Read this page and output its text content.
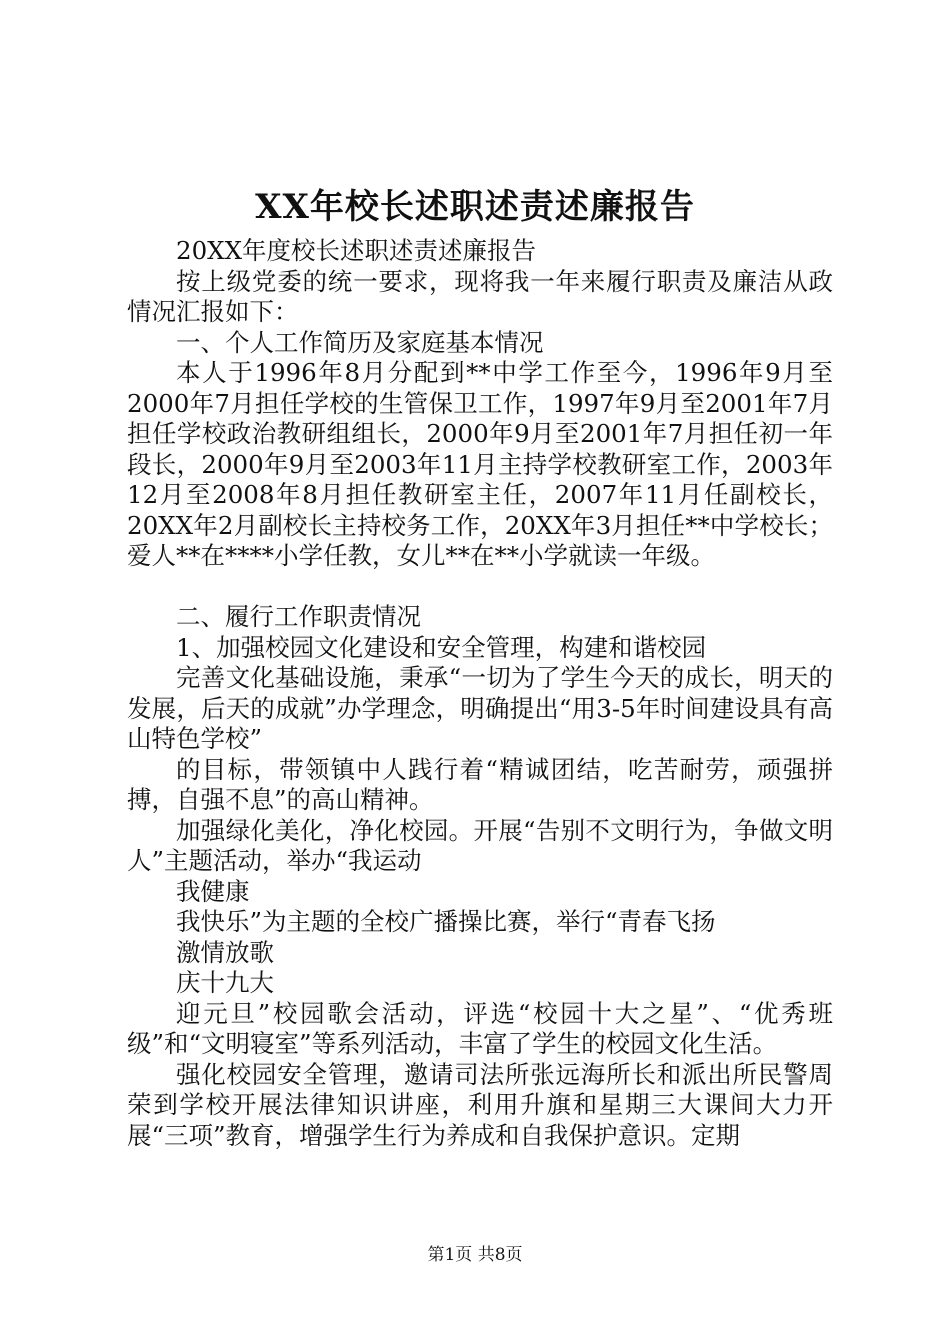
XX年校长述职述责述廉报告

20XX年度校长述职述责述廉报告

按上级党委的统一要求，现将我一年来履行职责及廉洁从政情况汇报如下：

一、个人工作简历及家庭基本情况

本人于1996年8月分配到**中学工作至今，1996年9月至2000年7月担任学校的生管保卫工作，1997年9月至2001年7月担任学校政治教研组组长，2000年9月至2001年7月担任初一年段长，2000年9月至2003年11月主持学校教研室工作，2003年12月至2008年8月担任教研室主任，2007年11月任副校长，20XX年2月副校长主持校务工作，20XX年3月担任**中学校长；爱人**在****小学任教，女儿**在**小学就读一年级。

二、履行工作职责情况

1、加强校园文化建设和安全管理，构建和谐校园

完善文化基础设施，秉承“一切为了学生今天的成长，明天的发展，后天的成就”办学理念，明确提出“用3-5年时间建设具有高山特色学校”

的目标，带领镇中人践行着“精诚团结，吃苦耐劳，顽强拼搏，自强不息”的高山精神。

加强绿化美化，净化校园。开展“告别不文明行为，争做文明人”主题活动，举办“我运动

我健康

我快乐”为主题的全校广播操比赛，举行“青春飞扬

激情放歌

庆十九大

迎元旦”校园歌会活动，评选“校园十大之星”、“优秀班级”和“文明寝室”等系列活动，丰富了学生的校园文化生活。

强化校园安全管理，邀请司法所张远海所长和派出所民警周荣到学校开展法律知识讲座，利用升旗和星期三大课间大力开展“三项”教育，增强学生行为养成和自我保护意识。定期

第1页 共8页
